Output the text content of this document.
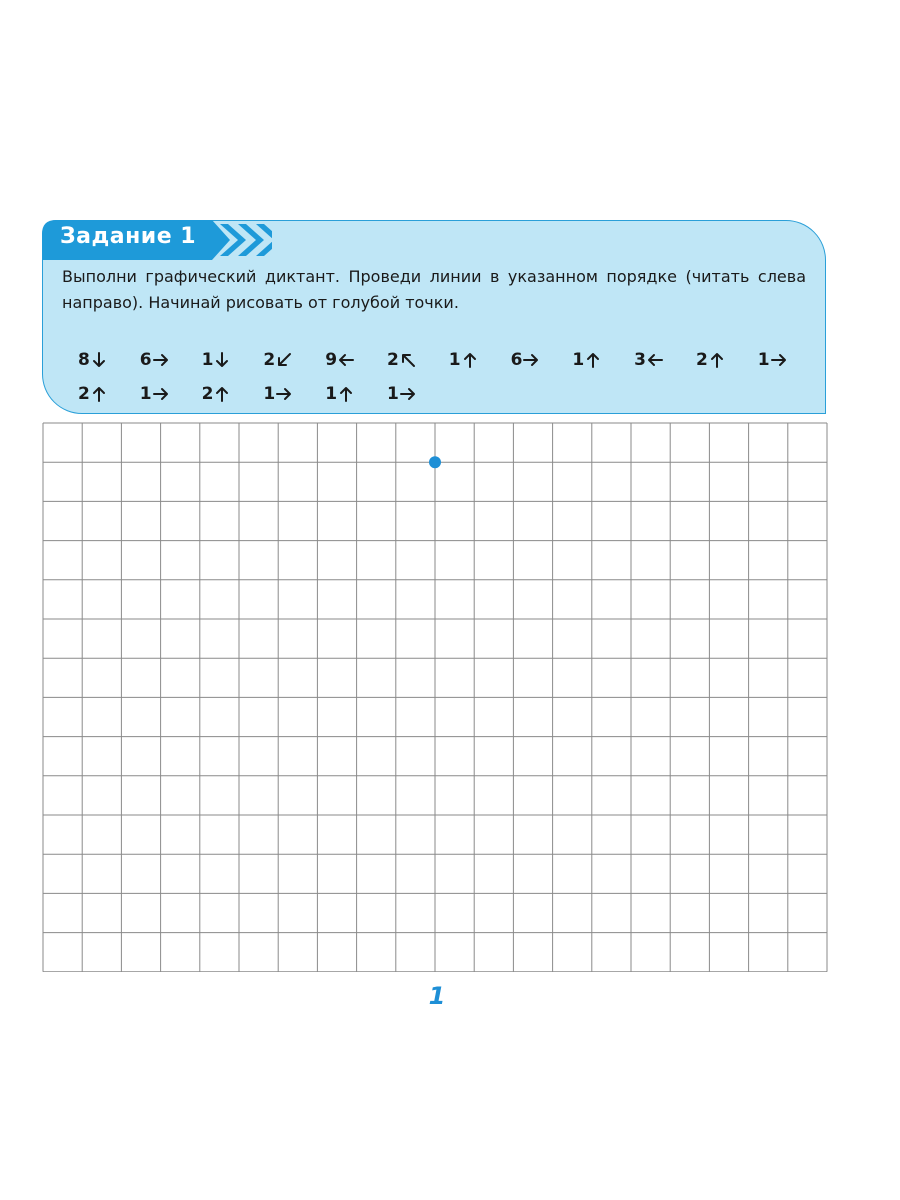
Задание 1
Выполни графический диктант. Проведи линии в указанном порядке (читать слева направо). Начинай рисовать от голубой точки.
8	6	1	2	9	2	1	6	1	3	2	1
2	1	2	1	1	1
1
